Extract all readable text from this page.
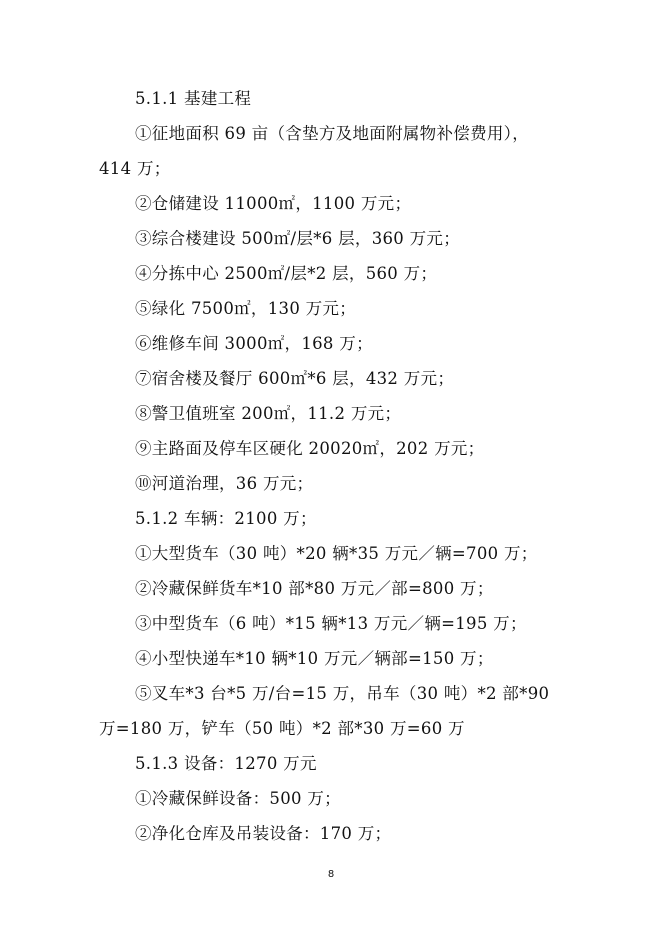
5.1.1 基建工程
①征地面积 69 亩（含垫方及地面附属物补偿费用），
414 万；
②仓储建设 11000㎡，1100 万元；
③综合楼建设 500㎡/层*6 层，360 万元；
④分拣中心 2500㎡/层*2 层，560 万；
⑤绿化 7500㎡，130 万元；
⑥维修车间 3000㎡，168 万；
⑦宿舍楼及餐厅 600㎡*6 层，432 万元；
⑧警卫值班室 200㎡，11.2 万元；
⑨主路面及停车区硬化 20020㎡，202 万元；
⑩河道治理，36 万元；
5.1.2 车辆：2100 万；
①大型货车（30 吨）*20 辆*35 万元／辆=700 万；
②冷藏保鲜货车*10 部*80 万元／部=800 万；
③中型货车（6 吨）*15 辆*13 万元／辆=195 万；
④小型快递车*10 辆*10 万元／辆部=150 万；
⑤叉车*3 台*5 万/台=15 万，吊车（30 吨）*2 部*90
万=180 万，铲车（50 吨）*2 部*30 万=60 万
5.1.3 设备：1270 万元
①冷藏保鲜设备：500 万；
②净化仓库及吊装设备：170 万；
8
